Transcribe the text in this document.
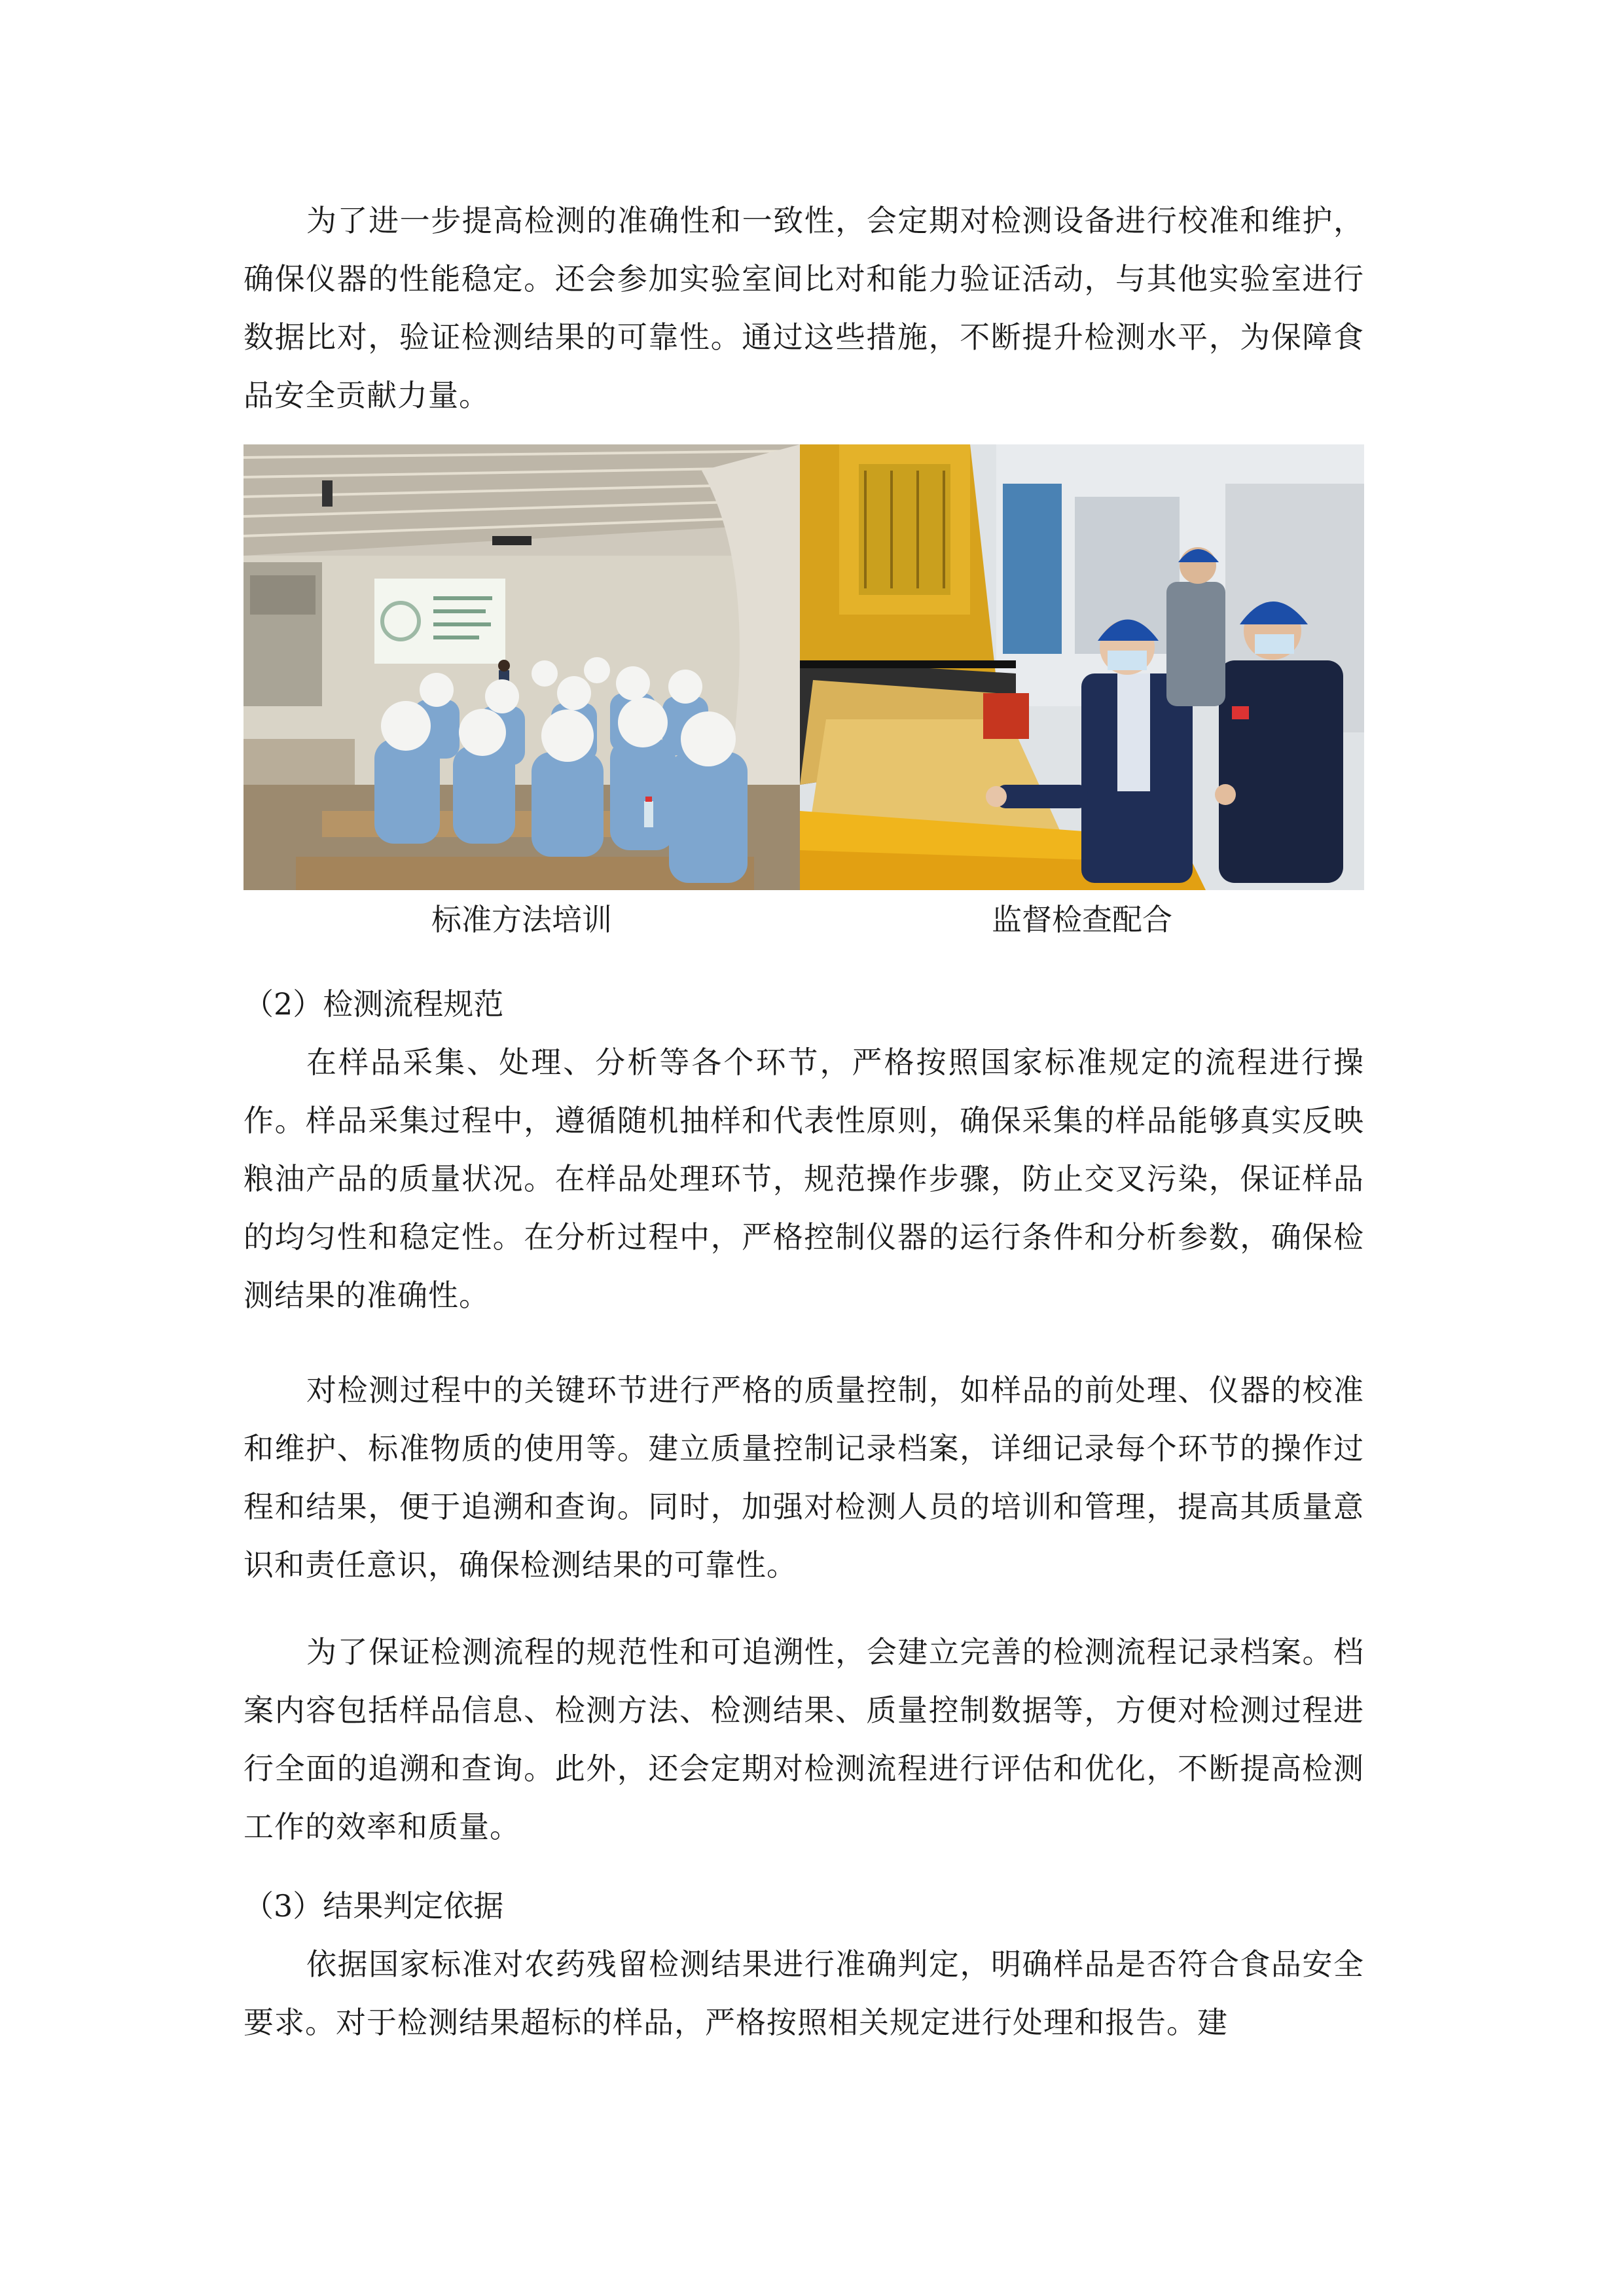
为了进一步提高检测的准确性和一致性，会定期对检测设备进行校准和维护，确保仪器的性能稳定。还会参加实验室间比对和能力验证活动，与其他实验室进行数据比对，验证检测结果的可靠性。通过这些措施，不断提升检测水平，为保障食品安全贡献力量。

标准方法培训	监督检查配合

（2）检测流程规范

在样品采集、处理、分析等各个环节，严格按照国家标准规定的流程进行操作。样品采集过程中，遵循随机抽样和代表性原则，确保采集的样品能够真实反映粮油产品的质量状况。在样品处理环节，规范操作步骤，防止交叉污染，保证样品的均匀性和稳定性。在分析过程中，严格控制仪器的运行条件和分析参数，确保检测结果的准确性。

对检测过程中的关键环节进行严格的质量控制，如样品的前处理、仪器的校准和维护、标准物质的使用等。建立质量控制记录档案，详细记录每个环节的操作过程和结果，便于追溯和查询。同时，加强对检测人员的培训和管理，提高其质量意识和责任意识，确保检测结果的可靠性。

为了保证检测流程的规范性和可追溯性，会建立完善的检测流程记录档案。档案内容包括样品信息、检测方法、检测结果、质量控制数据等，方便对检测过程进行全面的追溯和查询。此外，还会定期对检测流程进行评估和优化，不断提高检测工作的效率和质量。

（3）结果判定依据

依据国家标准对农药残留检测结果进行准确判定，明确样品是否符合食品安全要求。对于检测结果超标的样品，严格按照相关规定进行处理和报告。建
